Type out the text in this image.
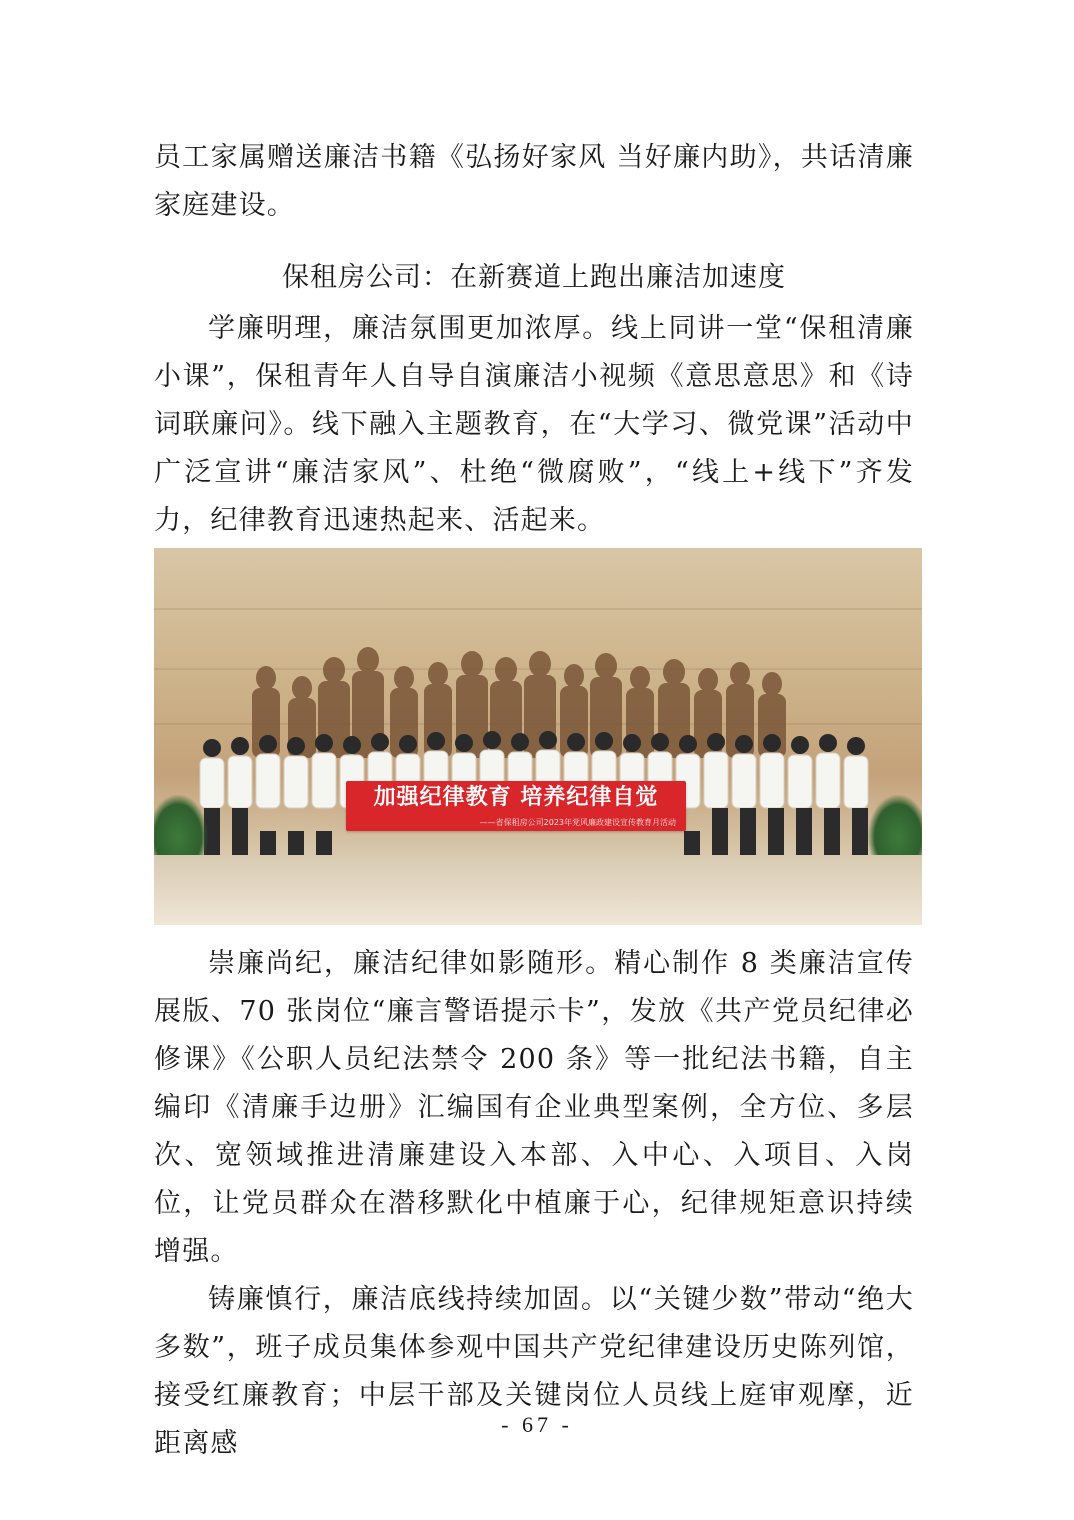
员工家属赠送廉洁书籍《弘扬好家风 当好廉内助》，共话清廉家庭建设。

保租房公司：在新赛道上跑出廉洁加速度

学廉明理，廉洁氛围更加浓厚。线上同讲一堂“保租清廉小课”，保租青年人自导自演廉洁小视频《意思意思》和《诗词联廉问》。线下融入主题教育，在“大学习、微党课”活动中广泛宣讲“廉洁家风”、杜绝“微腐败”，“线上+线下”齐发力，纪律教育迅速热起来、活起来。

加强纪律教育 培养纪律自觉
——省保租房公司2023年党风廉政建设宣传教育月活动

崇廉尚纪，廉洁纪律如影随形。精心制作 8 类廉洁宣传展版、70 张岗位“廉言警语提示卡”，发放《共产党员纪律必修课》《公职人员纪法禁令 200 条》等一批纪法书籍，自主编印《清廉手边册》汇编国有企业典型案例，全方位、多层次、宽领域推进清廉建设入本部、入中心、入项目、入岗位，让党员群众在潜移默化中植廉于心，纪律规矩意识持续增强。

铸廉慎行，廉洁底线持续加固。以“关键少数”带动“绝大多数”，班子成员集体参观中国共产党纪律建设历史陈列馆，接受红廉教育；中层干部及关键岗位人员线上庭审观摩，近距离感

- 67 -
